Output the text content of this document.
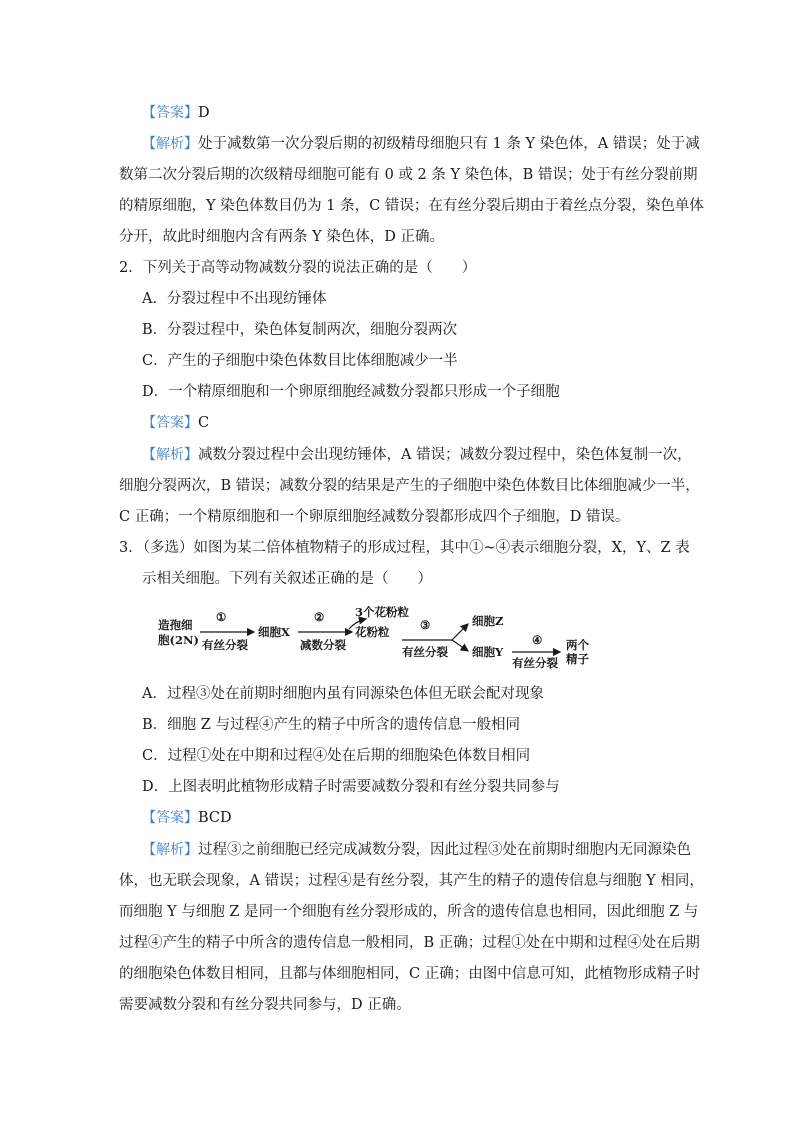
【答案】D
【解析】处于减数第一次分裂后期的初级精母细胞只有 1 条 Y 染色体，A 错误；处于减
数第二次分裂后期的次级精母细胞可能有 0 或 2 条 Y 染色体，B 错误；处于有丝分裂前期
的精原细胞，Y 染色体数目仍为 1 条，C 错误；在有丝分裂后期由于着丝点分裂，染色单体
分开，故此时细胞内含有两条 Y 染色体，D 正确。
2．下列关于高等动物减数分裂的说法正确的是（　　）
A．分裂过程中不出现纺锤体
B．分裂过程中，染色体复制两次，细胞分裂两次
C．产生的子细胞中染色体数目比体细胞减少一半
D．一个精原细胞和一个卵原细胞经减数分裂都只形成一个子细胞
【答案】C
【解析】减数分裂过程中会出现纺锤体，A 错误；减数分裂过程中，染色体复制一次，
细胞分裂两次，B 错误；减数分裂的结果是产生的子细胞中染色体数目比体细胞减少一半，
C 正确；一个精原细胞和一个卵原细胞经减数分裂都形成四个子细胞，D 错误。
3．（多选）如图为某二倍体植物精子的形成过程，其中①~④表示细胞分裂，X，Y、Z 表
示相关细胞。下列有关叙述正确的是（　　）
造孢细
胞(2N)
①
有丝分裂
细胞X
②
减数分裂
3个花粉粒
花粉粒	③
有丝分裂
细胞Z
细胞Y
④
有丝分裂
两个
精子
A．过程③处在前期时细胞内虽有同源染色体但无联会配对现象
B．细胞 Z 与过程④产生的精子中所含的遗传信息一般相同
C．过程①处在中期和过程④处在后期的细胞染色体数目相同
D．上图表明此植物形成精子时需要减数分裂和有丝分裂共同参与
【答案】BCD
【解析】过程③之前细胞已经完成减数分裂，因此过程③处在前期时细胞内无同源染色
体，也无联会现象，A 错误；过程④是有丝分裂，其产生的精子的遗传信息与细胞 Y 相同，
而细胞 Y 与细胞 Z 是同一个细胞有丝分裂形成的，所含的遗传信息也相同，因此细胞 Z 与
过程④产生的精子中所含的遗传信息一般相同，B 正确；过程①处在中期和过程④处在后期
的细胞染色体数目相同，且都与体细胞相同，C 正确；由图中信息可知，此植物形成精子时
需要减数分裂和有丝分裂共同参与，D 正确。
